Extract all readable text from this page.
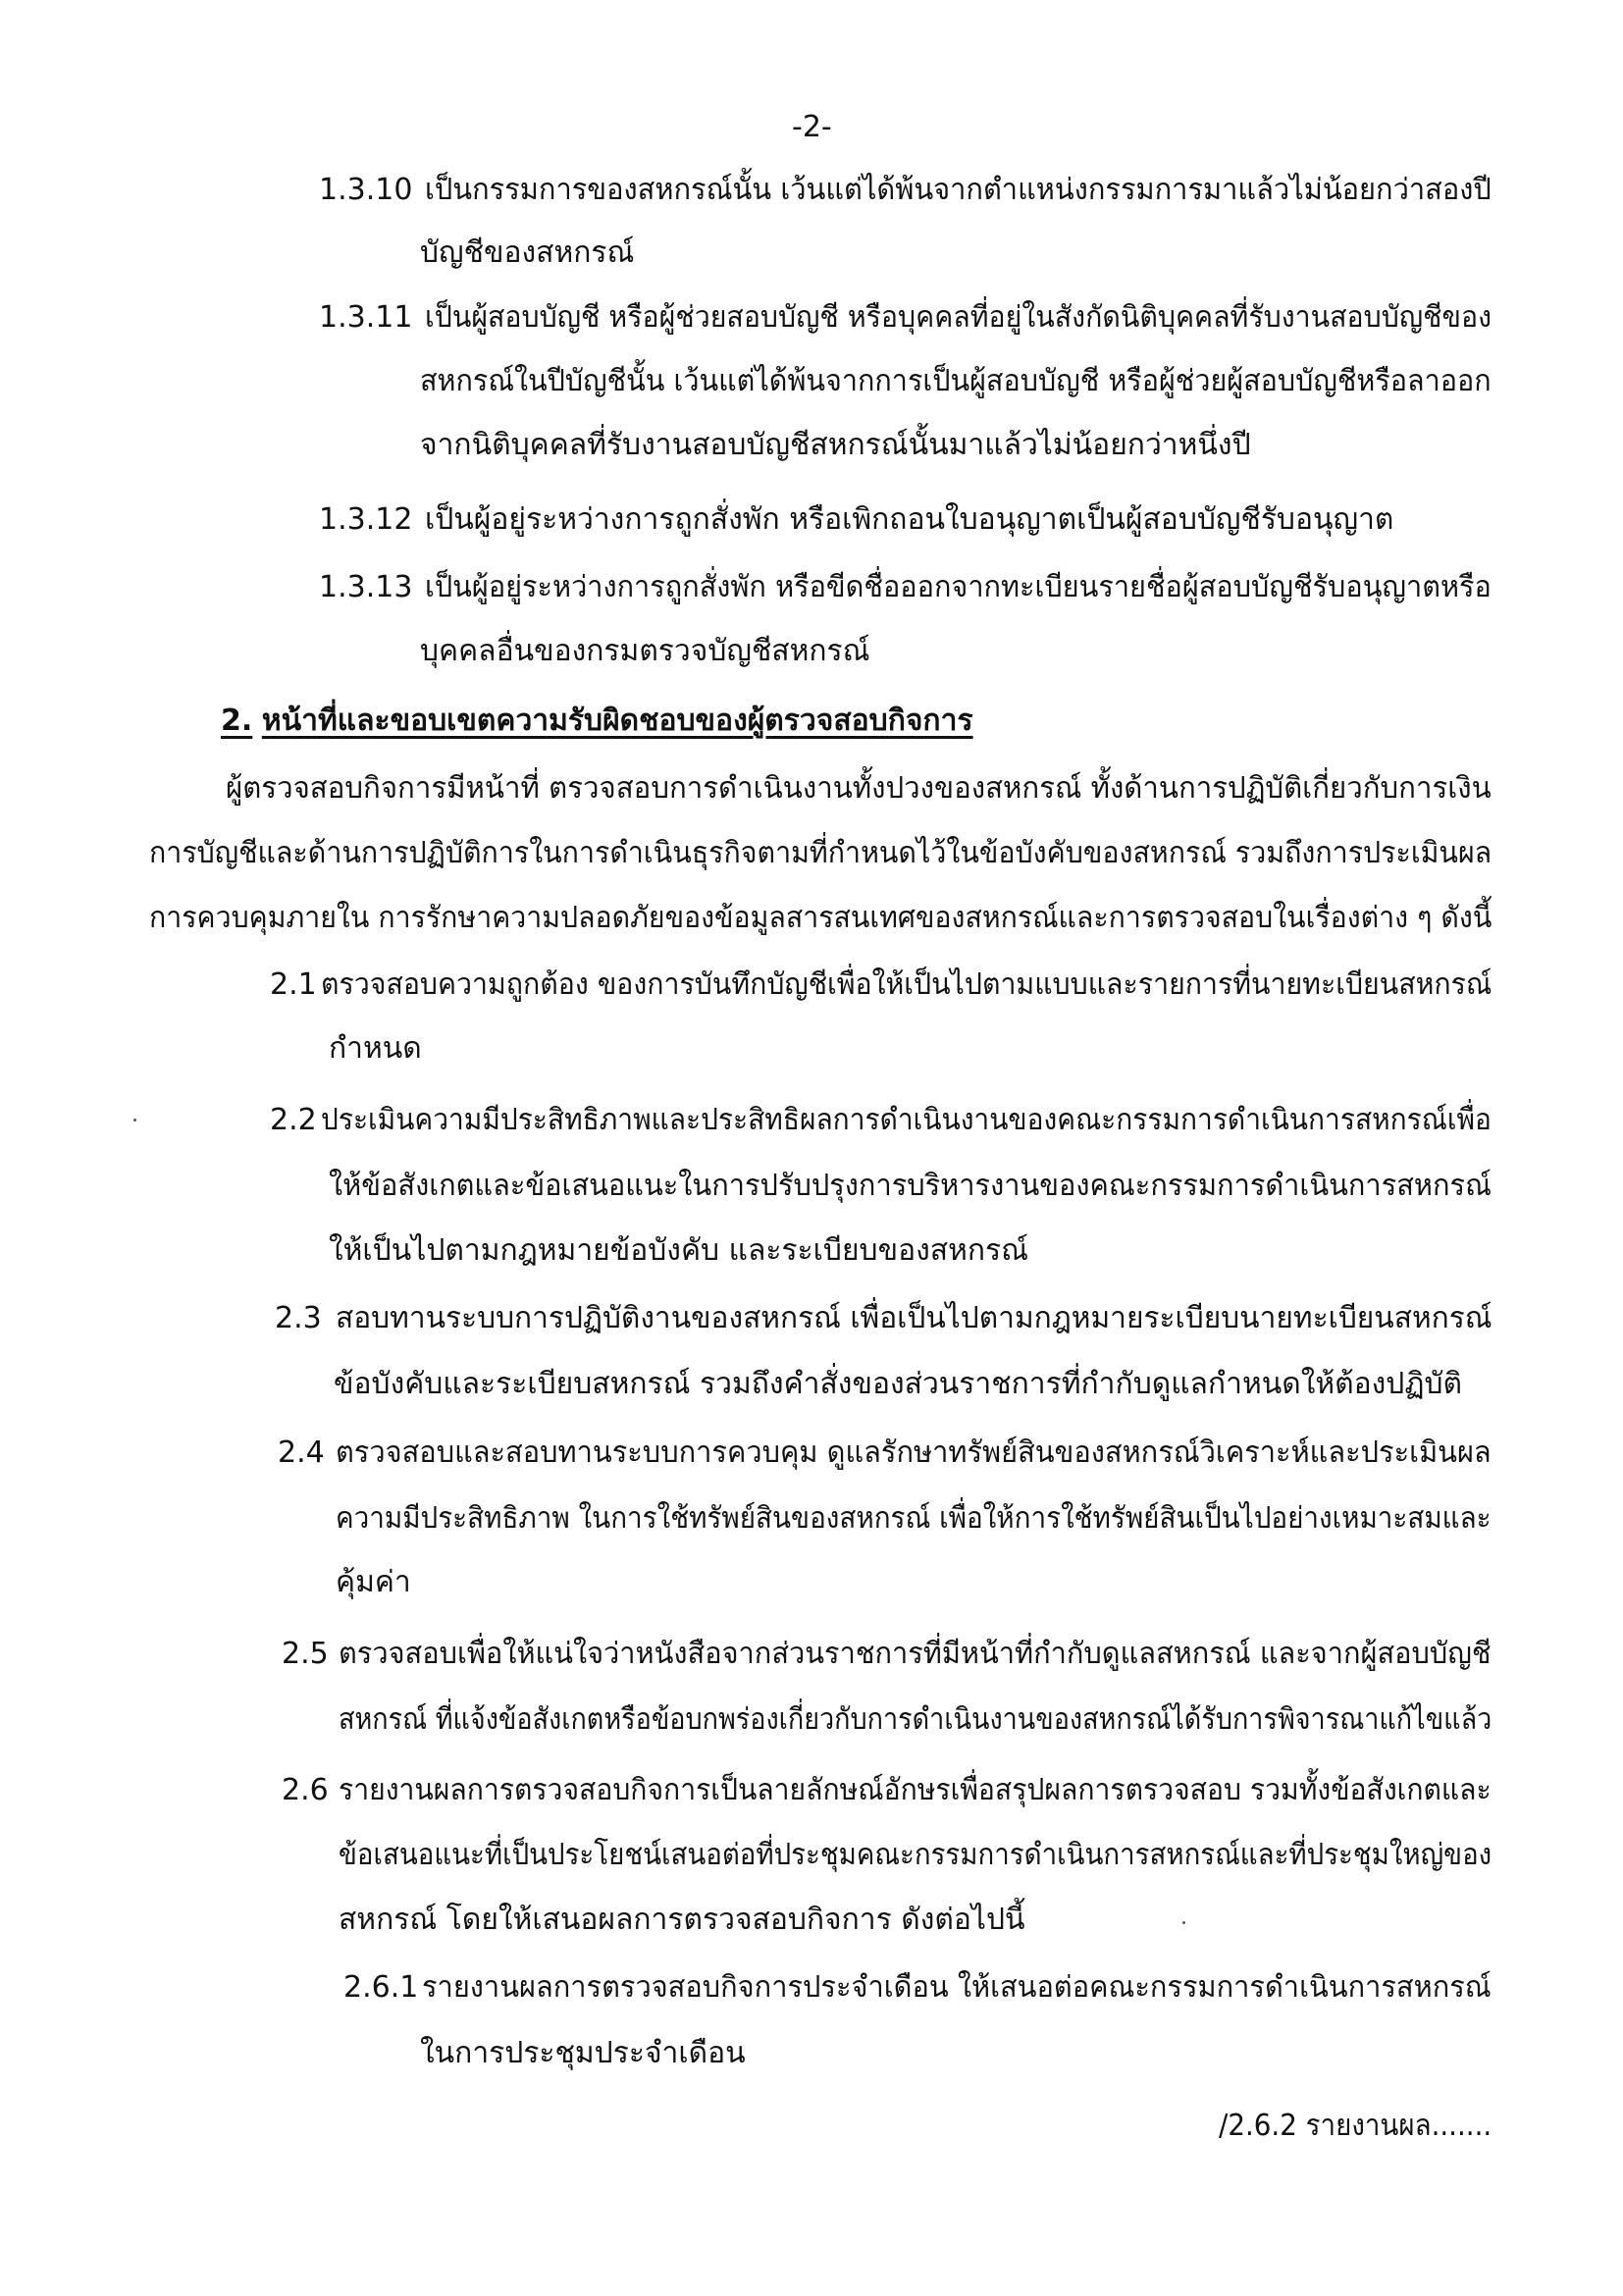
-2-
1.3.10 เป็นกรรมการของสหกรณ์นั้น เว้นแต่ได้พ้นจากตำแหน่งกรรมการมาแล้วไม่น้อยกว่าสองปี
บัญชีของสหกรณ์
1.3.11 เป็นผู้สอบบัญชี หรือผู้ช่วยสอบบัญชี หรือบุคคลที่อยู่ในสังกัดนิติบุคคลที่รับงานสอบบัญชีของ
สหกรณ์ในปีบัญชีนั้น เว้นแต่ได้พ้นจากการเป็นผู้สอบบัญชี หรือผู้ช่วยผู้สอบบัญชีหรือลาออก
จากนิติบุคคลที่รับงานสอบบัญชีสหกรณ์นั้นมาแล้วไม่น้อยกว่าหนึ่งปี
1.3.12 เป็นผู้อยู่ระหว่างการถูกสั่งพัก หรือเพิกถอนใบอนุญาตเป็นผู้สอบบัญชีรับอนุญาต
1.3.13 เป็นผู้อยู่ระหว่างการถูกสั่งพัก หรือขีดชื่อออกจากทะเบียนรายชื่อผู้สอบบัญชีรับอนุญาตหรือ
บุคคลอื่นของกรมตรวจบัญชีสหกรณ์
2. หน้าที่และขอบเขตความรับผิดชอบของผู้ตรวจสอบกิจการ
ผู้ตรวจสอบกิจการมีหน้าที่ ตรวจสอบการดำเนินงานทั้งปวงของสหกรณ์ ทั้งด้านการปฏิบัติเกี่ยวกับการเงิน
การบัญชีและด้านการปฏิบัติการในการดำเนินธุรกิจตามที่กำหนดไว้ในข้อบังคับของสหกรณ์ รวมถึงการประเมินผล
การควบคุมภายใน การรักษาความปลอดภัยของข้อมูลสารสนเทศของสหกรณ์และการตรวจสอบในเรื่องต่าง ๆ ดังนี้
2.1 ตรวจสอบความถูกต้อง ของการบันทึกบัญชีเพื่อให้เป็นไปตามแบบและรายการที่นายทะเบียนสหกรณ์
กำหนด
2.2 ประเมินความมีประสิทธิภาพและประสิทธิผลการดำเนินงานของคณะกรรมการดำเนินการสหกรณ์เพื่อ
ให้ข้อสังเกตและข้อเสนอแนะในการปรับปรุงการบริหารงานของคณะกรรมการดำเนินการสหกรณ์
ให้เป็นไปตามกฎหมายข้อบังคับ และระเบียบของสหกรณ์
2.3 สอบทานระบบการปฏิบัติงานของสหกรณ์ เพื่อเป็นไปตามกฎหมายระเบียบนายทะเบียนสหกรณ์
ข้อบังคับและระเบียบสหกรณ์ รวมถึงคำสั่งของส่วนราชการที่กำกับดูแลกำหนดให้ต้องปฏิบัติ
2.4 ตรวจสอบและสอบทานระบบการควบคุม ดูแลรักษาทรัพย์สินของสหกรณ์วิเคราะห์และประเมินผล
ความมีประสิทธิภาพ ในการใช้ทรัพย์สินของสหกรณ์ เพื่อให้การใช้ทรัพย์สินเป็นไปอย่างเหมาะสมและ
คุ้มค่า
2.5 ตรวจสอบเพื่อให้แน่ใจว่าหนังสือจากส่วนราชการที่มีหน้าที่กำกับดูแลสหกรณ์ และจากผู้สอบบัญชี
สหกรณ์ ที่แจ้งข้อสังเกตหรือข้อบกพร่องเกี่ยวกับการดำเนินงานของสหกรณ์ได้รับการพิจารณาแก้ไขแล้ว
2.6 รายงานผลการตรวจสอบกิจการเป็นลายลักษณ์อักษรเพื่อสรุปผลการตรวจสอบ รวมทั้งข้อสังเกตและ
ข้อเสนอแนะที่เป็นประโยชน์เสนอต่อที่ประชุมคณะกรรมการดำเนินการสหกรณ์และที่ประชุมใหญ่ของ
สหกรณ์ โดยให้เสนอผลการตรวจสอบกิจการ ดังต่อไปนี้
2.6.1 รายงานผลการตรวจสอบกิจการประจำเดือน ให้เสนอต่อคณะกรรมการดำเนินการสหกรณ์
ในการประชุมประจำเดือน
/2.6.2 รายงานผล.......
